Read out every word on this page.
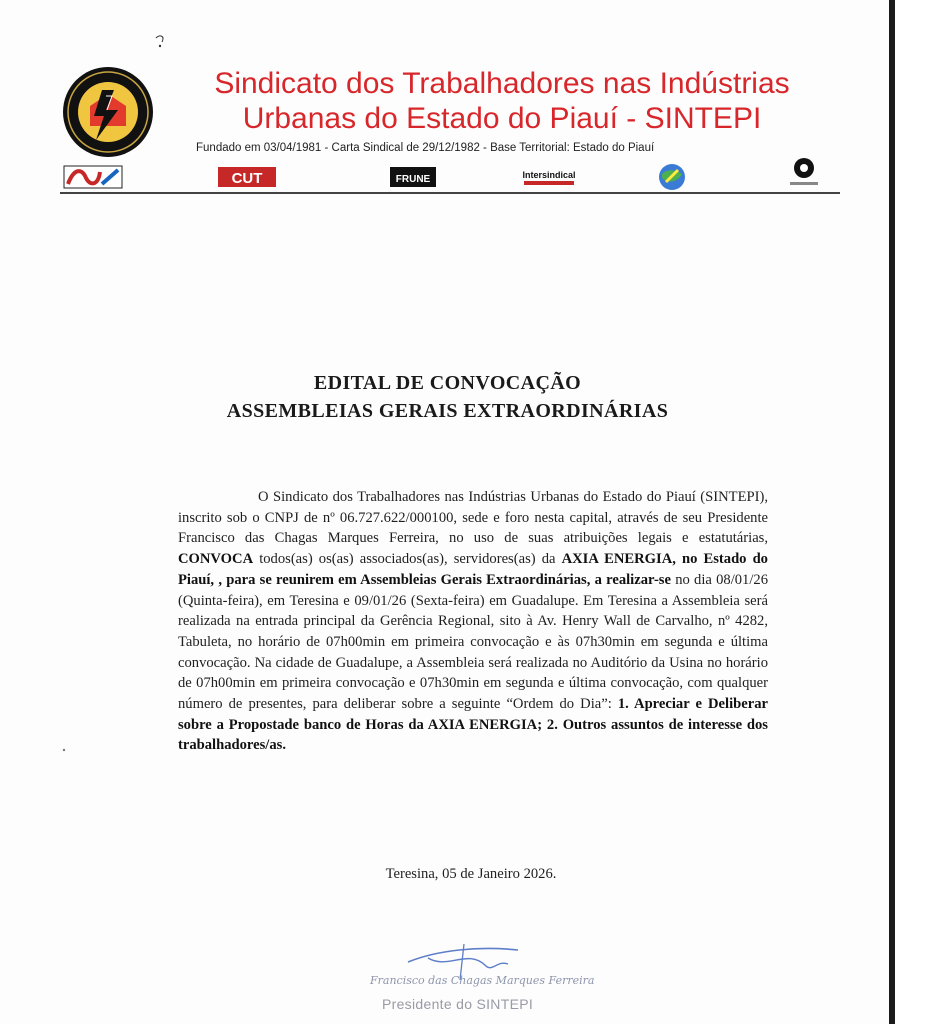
Sindicato dos Trabalhadores nas Indústrias
Urbanas do Estado do Piauí - SINTEPI
Fundado em 03/04/1981 - Carta Sindical de 29/12/1982 - Base Territorial: Estado do Piauí
CUT	FRUNE	Intersindical
EDITAL DE CONVOCAÇÃO
ASSEMBLEIAS GERAIS EXTRAORDINÁRIAS
O Sindicato dos Trabalhadores nas Indústrias Urbanas do Estado do Piauí (SINTEPI), inscrito sob o CNPJ de nº 06.727.622/000100, sede e foro nesta capital, através de seu Presidente Francisco das Chagas Marques Ferreira, no uso de suas atribuições legais e estatutárias, CONVOCA todos(as) os(as) associados(as), servidores(as) da AXIA ENERGIA, no Estado do Piauí, , para se reunirem em Assembleias Gerais Extraordinárias, a realizar-se no dia 08/01/26 (Quinta-feira), em Teresina e 09/01/26 (Sexta-feira) em Guadalupe. Em Teresina a Assembleia será realizada na entrada principal da Gerência Regional, sito à Av. Henry Wall de Carvalho, nº 4282, Tabuleta, no horário de 07h00min em primeira convocação e às 07h30min em segunda e última convocação. Na cidade de Guadalupe, a Assembleia será realizada no Auditório da Usina no horário de 07h00min em primeira convocação e 07h30min em segunda e última convocação, com qualquer número de presentes, para deliberar sobre a seguinte “Ordem do Dia”: 1. Apreciar e Deliberar sobre a Propostade banco de Horas da AXIA ENERGIA; 2. Outros assuntos de interesse dos trabalhadores/as.
Teresina, 05 de Janeiro 2026.
Francisco das Chagas Marques Ferreira
Presidente do SINTEPI
